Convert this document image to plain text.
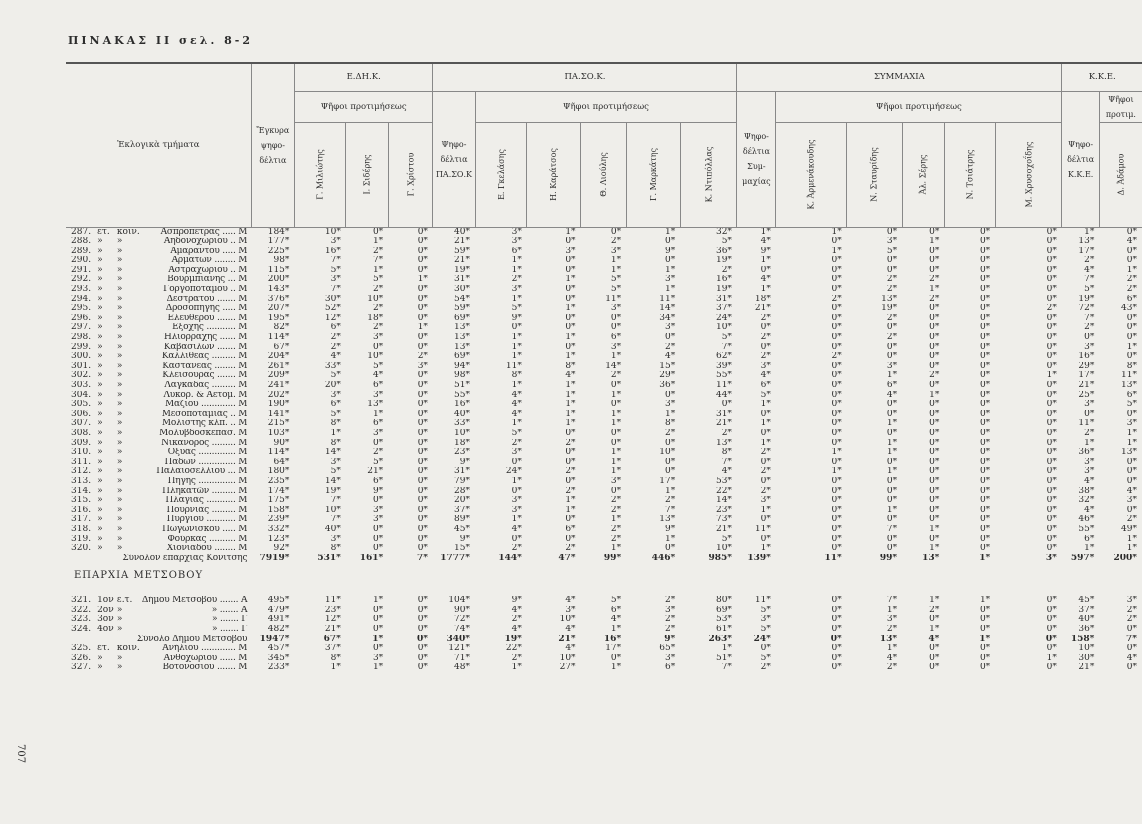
ΠΙΝΑΚΑΣ II σελ. 8-2
707
Ἐκλογικὰ τμήματα				Ἔγκυρα ψηφο-δέλτια	Ε.ΔΗ.Κ.			ΠΑ.ΣΟ.Κ.						ΣΥΜΜΑΧΙΑ						Κ.Κ.Ε.	
					Ψῆφοι προτιμήσεως			Ψηφο-δέλτια ΠΑ.ΣΟ.Κ	Ψῆφοι προτιμήσεως					Ψηφο-δέλτια Συμ-μαχίας	Ψῆφοι προτιμήσεως					Ψηφο-δέλτια Κ.Κ.Ε.	Ψῆφοι προτιμ.
					Γ. Μιλιώτης	Ι. Σιδέρης	Γ. Χρίστου		Ε. Γκελάσης	Η. Καράτσος	Θ. Λιούλης	Γ. Μαρκάτης	Κ. Ντιπόλλας		Κ. Ἀρμενάκουδης	Ν. Σταυρίδης	Ἀλ. Σέρης	Ν. Τσιάτρης	Μ. Χρυσοχοΐδης		Δ. Ἀδάμου
287.	ἐτ.	κοιν.	Ἀσπρόπετρας ..... Μ	184*	10*	0*	0*	40*	3*	1*	0*	1*	32*	1*	1*	0*	0*	0*	0*	1*	0*
288.	»	»	Ἀηδονοχωρίου .. Μ	177*	3*	1*	0*	21*	3*	0*	2*	0*	5*	4*	0*	3*	1*	0*	0*	13*	4*
289.	»	»	Ἀμαράντου ..... Μ	225*	16*	2*	0*	59*	6*	3*	3*	9*	36*	9*	1*	5*	0*	0*	0*	17*	0*
290.	»	»	Ἀρμάτων ........ Μ	98*	7*	7*	0*	21*	1*	0*	1*	0*	19*	1*	0*	0*	0*	0*	0*	2*	0*
291.	»	»	Ἀστραχωρίου .. Μ	115*	5*	1*	0*	19*	1*	0*	1*	1*	2*	0*	0*	0*	0*	0*	0*	4*	1*
292.	»	»	Βούρμπιανης ... Μ	200*	3*	5*	1*	31*	2*	1*	5*	3*	16*	4*	0*	2*	2*	0*	0*	7*	2*
293.	»	»	Γοργοποτάμου .. Μ	143*	7*	2*	0*	30*	3*	0*	5*	1*	19*	1*	0*	2*	1*	0*	0*	5*	2*
294.	»	»	Δεστράτου ....... Μ	376*	30*	10*	0*	54*	1*	0*	11*	11*	31*	18*	2*	13*	2*	0*	0*	19*	6*
295.	»	»	Δροσοπηγῆς ..... Μ	207*	52*	2*	0*	59*	5*	1*	3*	14*	37*	21*	0*	19*	0*	0*	2*	72*	43*
296.	»	»	Ἐλευθέρου ....... Μ	195*	12*	18*	0*	69*	9*	0*	0*	34*	24*	2*	0*	2*	0*	0*	0*	7*	0*
297.	»	»	Ἐξοχῆς ........... Μ	82*	6*	2*	1*	13*	0*	0*	0*	3*	10*	0*	0*	0*	0*	0*	0*	2*	0*
298.	»	»	Ἡλιορράχης ...... Μ	114*	2*	3*	0*	13*	1*	1*	6*	0*	5*	2*	0*	2*	0*	0*	0*	0*	0*
299.	»	»	Καβασίλων ....... Μ	67*	2*	0*	0*	13*	1*	0*	3*	2*	7*	0*	0*	0*	0*	0*	0*	3*	1*
300.	»	»	Καλλιθέας ......... Μ	204*	4*	10*	2*	69*	1*	1*	1*	4*	62*	2*	2*	0*	0*	0*	0*	16*	0*
301.	»	»	Καστανέας ........ Μ	261*	33*	5*	3*	94*	11*	8*	14*	15*	39*	3*	0*	3*	0*	0*	0*	29*	8*
302.	»	»	Κλεισουρᾶς ....... Μ	209*	5*	4*	0*	98*	8*	4*	2*	29*	55*	4*	0*	1*	2*	0*	1*	17*	11*
303.	»	»	Λαγκάδας ......... Μ	241*	20*	6*	0*	51*	1*	1*	0*	36*	11*	6*	0*	6*	0*	0*	0*	21*	13*
304.	»	»	Λυκορ. & Ἀετομ. Μ	202*	3*	3*	0*	55*	4*	1*	1*	0*	44*	5*	0*	4*	1*	0*	0*	25*	6*
305.	»	»	Μαζίου ............. Μ	190*	6*	13*	0*	16*	4*	1*	0*	3*	0*	1*	0*	0*	0*	0*	0*	3*	5*
306.	»	»	Μεσοποταμιᾶς .. Μ	141*	5*	1*	0*	40*	4*	1*	1*	1*	31*	0*	0*	0*	0*	0*	0*	0*	0*
307.	»	»	Μολίστης κλπ. .. Μ	215*	8*	6*	0*	33*	1*	1*	1*	8*	21*	1*	0*	1*	0*	0*	0*	11*	3*
308.	»	»	Μολυβδοσκεπάσ. Μ	103*	1*	3*	0*	10*	5*	0*	0*	2*	2*	0*	0*	0*	0*	0*	0*	2*	1*
309.	»	»	Νικάνορος ......... Μ	90*	8*	0*	0*	18*	2*	2*	0*	0*	13*	1*	0*	1*	0*	0*	0*	1*	1*
310.	»	»	Ὀξυᾶς .............. Μ	114*	14*	2*	0*	23*	3*	0*	1*	10*	8*	2*	1*	1*	0*	0*	0*	36*	13*
311.	»	»	Πάδων .............. Μ	64*	3*	5*	0*	9*	0*	0*	1*	0*	7*	0*	0*	0*	0*	0*	0*	3*	0*
312.	»	»	Παλαιοσελλίου ... Μ	180*	5*	21*	0*	31*	24*	2*	1*	0*	4*	2*	1*	1*	0*	0*	0*	3*	0*
313.	»	»	Πηγῆς .............. Μ	235*	14*	6*	0*	79*	1*	0*	3*	17*	53*	0*	0*	0*	0*	0*	0*	4*	0*
314.	»	»	Πληκατῶν ......... Μ	174*	19*	9*	0*	28*	0*	2*	0*	1*	22*	2*	0*	0*	0*	0*	0*	38*	4*
315.	»	»	Πλαγιᾶς ........... Μ	175*	7*	0*	0*	20*	3*	1*	2*	2*	14*	3*	0*	0*	0*	0*	0*	32*	3*
316.	»	»	Πουρνιᾶς ......... Μ	158*	10*	3*	0*	37*	3*	1*	2*	7*	23*	1*	0*	1*	0*	0*	0*	4*	0*
317.	»	»	Πυργίου ........... Μ	239*	7*	3*	0*	89*	1*	0*	1*	13*	73*	0*	0*	0*	0*	0*	0*	46*	2*
318.	»	»	Πωγωνίσκου ..... Μ	332*	40*	0*	0*	45*	4*	6*	2*	9*	21*	11*	0*	7*	1*	0*	0*	55*	49*
319.	»	»	Φούρκας .......... Μ	123*	3*	0*	0*	9*	0*	0*	2*	1*	5*	0*	0*	0*	0*	0*	0*	6*	1*
320.	»	»	Χιονιάδου ........ Μ	92*	8*	0*	0*	15*	2*	2*	1*	0*	10*	1*	0*	0*	1*	0*	0*	1*	1*
Σύνολον ἐπαρχίας Κονίτσης				7919*	531*	161*	7*	1777*	144*	47*	99*	446*	985*	139*	11*	99*	13*	1*	3*	597*	200*
ΕΠΑΡΧΙΑ ΜΕΤΣΟΒΟΥ																					

321.	1ον	ἐ.τ.	Δήμου Μετσόβου ....... Α	495*	11*	1*	0*	104*	9*	4*	5*	2*	80*	11*	0*	7*	1*	1*	0*	45*	3*
322.	2ον	»	» ....... Α	479*	23*	0*	0*	90*	4*	3*	6*	3*	69*	5*	0*	1*	2*	0*	0*	37*	2*
323.	3ον	»	» ....... Γ	491*	12*	0*	0*	72*	2*	10*	4*	2*	53*	3*	0*	3*	0*	0*	0*	40*	2*
324.	4ον	»	» ....... Γ	482*	21*	0*	0*	74*	4*	4*	1*	2*	61*	5*	0*	2*	1*	0*	0*	36*	0*
Σύνολο Δήμου Μετσόβου				1947*	67*	1*	0*	340*	19*	21*	16*	9*	263*	24*	0*	13*	4*	1*	0*	158*	7*
325.	ἐτ.	κοιν.	Ἀνήλιου ............. Μ	457*	37*	0*	0*	121*	22*	4*	17*	65*	1*	0*	0*	1*	0*	0*	0*	10*	0*
326.	»	»	Ἀνθοχωρίου ...... Μ	345*	8*	3*	0*	71*	2*	10*	0*	3*	51*	5*	0*	4*	0*	0*	1*	30*	4*
327.	»	»	Βοτονοσίου ....... Μ	233*	1*	1*	0*	48*	1*	27*	1*	6*	7*	2*	0*	2*	0*	0*	0*	21*	0*
